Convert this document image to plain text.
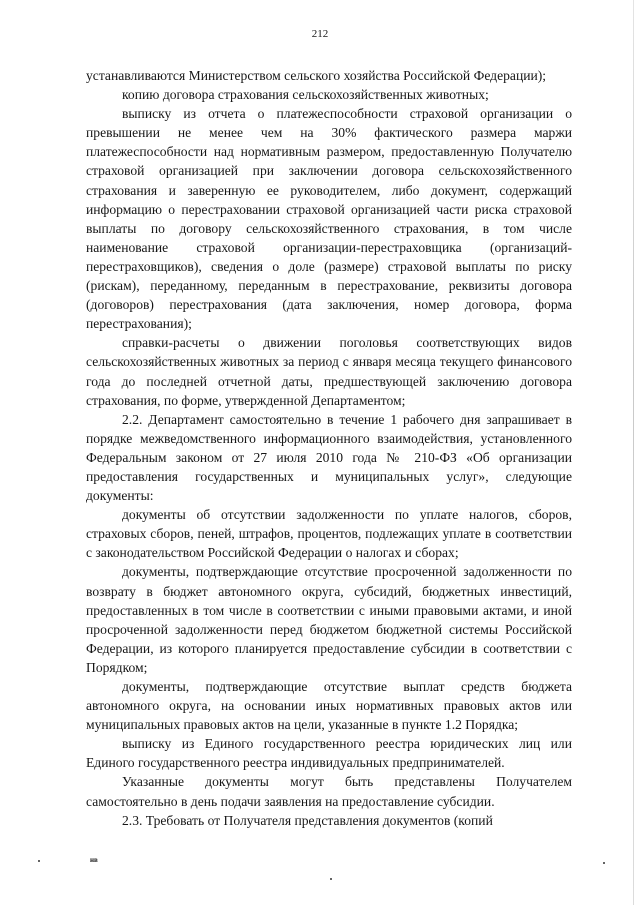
212

устанавливаются Министерством сельского хозяйства Российской Федерации);

копию договора страхования сельскохозяйственных животных;

выписку из отчета о платежеспособности страховой организации о превышении не менее чем на 30% фактического размера маржи платежеспособности над нормативным размером, предоставленную Получателю страховой организацией при заключении договора сельскохозяйственного страхования и заверенную ее руководителем, либо документ, содержащий информацию о перестраховании страховой организацией части риска страховой выплаты по договору сельскохозяйственного страхования, в том числе наименование страховой организации-перестраховщика (организаций-перестраховщиков), сведения о доле (размере) страховой выплаты по риску (рискам), переданному, переданным в перестрахование, реквизиты договора (договоров) перестрахования (дата заключения, номер договора, форма перестрахования);

справки-расчеты о движении поголовья соответствующих видов сельскохозяйственных животных за период с января месяца текущего финансового года до последней отчетной даты, предшествующей заключению договора страхования, по форме, утвержденной Департаментом;

2.2. Департамент самостоятельно в течение 1 рабочего дня запрашивает в порядке межведомственного информационного взаимодействия, установленного Федеральным законом от 27 июля 2010 года № 210-ФЗ «Об организации предоставления государственных и муниципальных услуг», следующие документы:

документы об отсутствии задолженности по уплате налогов, сборов, страховых сборов, пеней, штрафов, процентов, подлежащих уплате в соответствии с законодательством Российской Федерации о налогах и сборах;

документы, подтверждающие отсутствие просроченной задолженности по возврату в бюджет автономного округа, субсидий, бюджетных инвестиций, предоставленных в том числе в соответствии с иными правовыми актами, и иной просроченной задолженности перед бюджетом бюджетной системы Российской Федерации, из которого планируется предоставление субсидии в соответствии с Порядком;

документы, подтверждающие отсутствие выплат средств бюджета автономного округа, на основании иных нормативных правовых актов или муниципальных правовых актов на цели, указанные в пункте 1.2 Порядка;

выписку из Единого государственного реестра юридических лиц или Единого государственного реестра индивидуальных предпринимателей.

Указанные документы могут быть представлены Получателем самостоятельно в день подачи заявления на предоставление субсидии.

2.3. Требовать от Получателя представления документов (копий

нв
